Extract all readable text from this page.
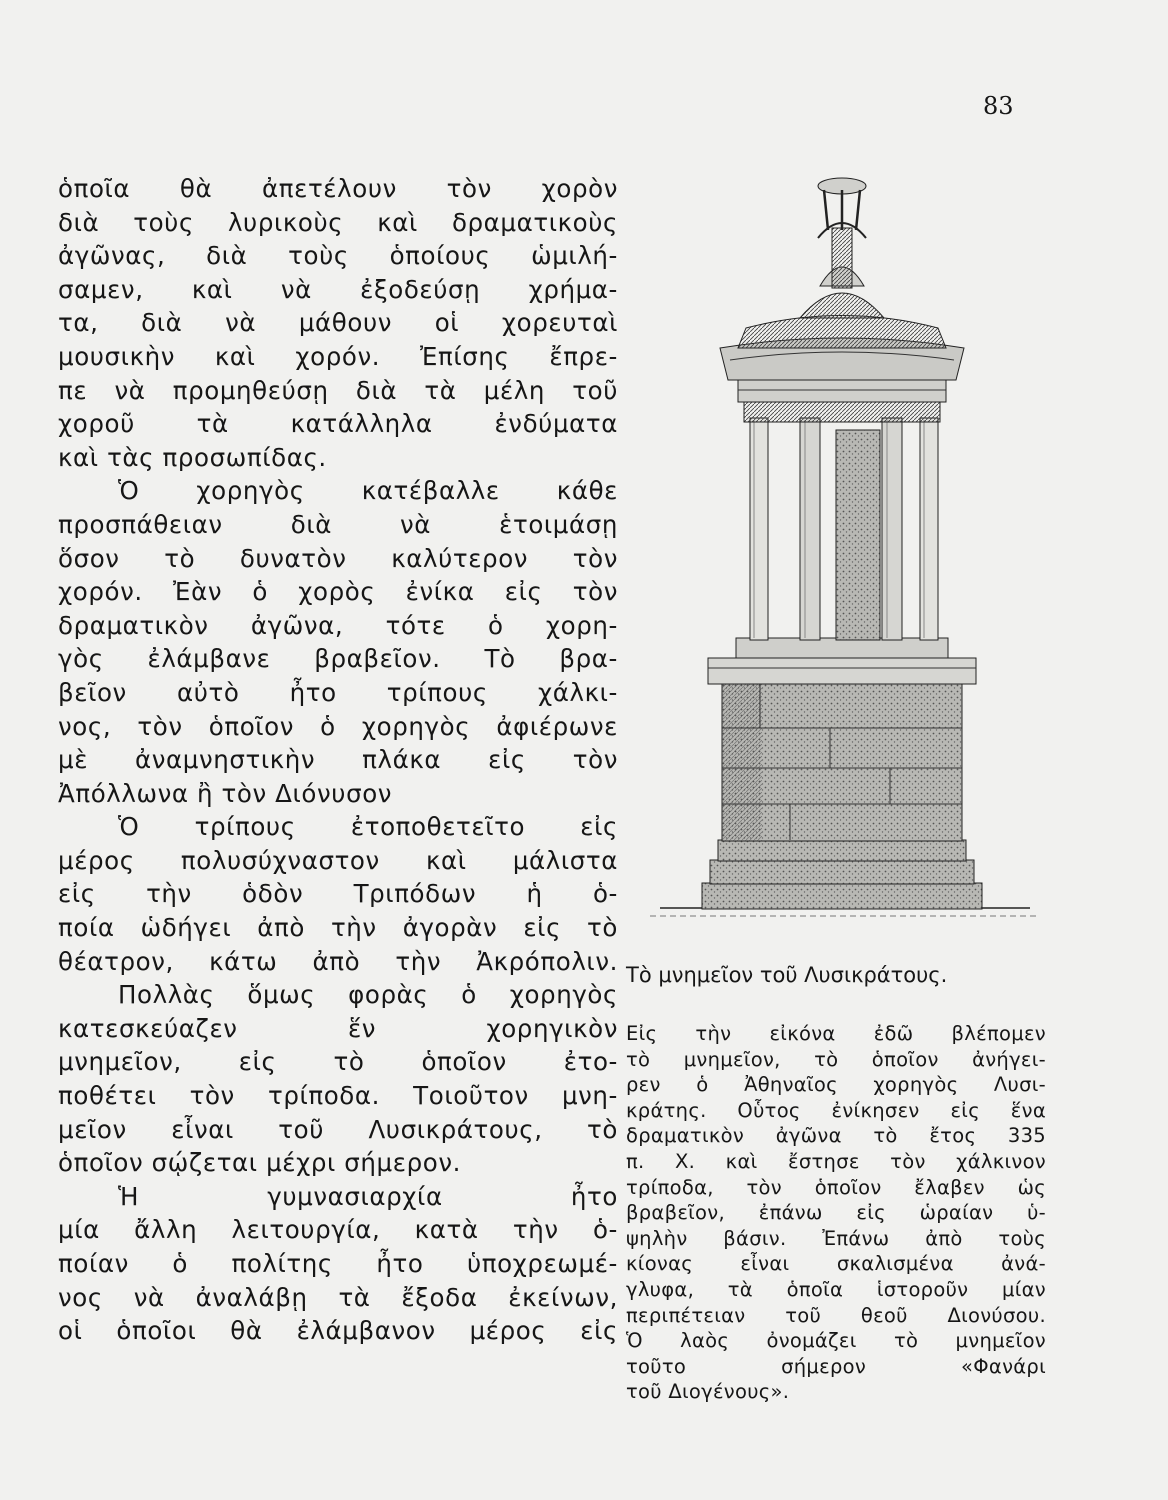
83
ὁποῖα θὰ ἀπετέλουν τὸν χορὸν
διὰ τοὺς λυρικοὺς καὶ δραματικοὺς
ἀγῶνας, διὰ τοὺς ὁποίους ὡμιλή-
σαμεν, καὶ νὰ ἐξοδεύσῃ χρήμα-
τα, διὰ νὰ μάθουν οἱ χορευταὶ
μουσικὴν καὶ χορόν. Ἐπίσης ἔπρε-
πε νὰ προμηθεύσῃ διὰ τὰ μέλη τοῦ
χοροῦ τὰ κατάλληλα ἐνδύματα
καὶ τὰς προσωπίδας.
Ὁ χορηγὸς κατέβαλλε κάθε
προσπάθειαν διὰ νὰ ἑτοιμάσῃ
ὅσον τὸ δυνατὸν καλύτερον τὸν
χορόν. Ἐὰν ὁ χορὸς ἐνίκα εἰς τὸν
δραματικὸν ἀγῶνα, τότε ὁ χορη-
γὸς ἐλάμβανε βραβεῖον. Τὸ βρα-
βεῖον αὐτὸ ἦτο τρίπους χάλκι-
νος, τὸν ὁποῖον ὁ χορηγὸς ἀφιέρωνε
μὲ ἀναμνηστικὴν πλάκα εἰς τὸν
Ἀπόλλωνα ἢ τὸν Διόνυσον
Ὁ τρίπους ἐτοποθετεῖτο εἰς
μέρος πολυσύχναστον καὶ μάλιστα
εἰς τὴν ὁδὸν Τριπόδων ἡ ὁ-
ποία ὡδήγει ἀπὸ τὴν ἀγορὰν εἰς τὸ
θέατρον, κάτω ἀπὸ τὴν Ἀκρόπολιν.
Πολλὰς ὅμως φορὰς ὁ χορηγὸς
κατεσκεύαζεν ἕν χορηγικὸν
μνημεῖον, εἰς τὸ ὁποῖον ἐτο-
ποθέτει τὸν τρίποδα. Τοιοῦτον μνη-
μεῖον εἶναι τοῦ Λυσικράτους, τὸ
ὁποῖον σῴζεται μέχρι σήμερον.
Ἡ γυμνασιαρχία ἦτο
μία ἄλλη λειτουργία, κατὰ τὴν ὁ-
ποίαν ὁ πολίτης ἦτο ὑποχρεωμέ-
νος νὰ ἀναλάβῃ τὰ ἔξοδα ἐκείνων,
οἱ ὁποῖοι θὰ ἐλάμβανον μέρος εἰς
Τὸ μνημεῖον τοῦ Λυσικράτους.
Εἰς τὴν εἰκόνα ἐδῶ βλέπομεν
τὸ μνημεῖον, τὸ ὁποῖον ἀνήγει-
ρεν ὁ Ἀθηναῖος χορηγὸς Λυσι-
κράτης. Οὗτος ἐνίκησεν εἰς ἕνα
δραματικὸν ἀγῶνα τὸ ἔτος 335
π. Χ. καὶ ἔστησε τὸν χάλκινον
τρίποδα, τὸν ὁποῖον ἔλαβεν ὡς
βραβεῖον, ἐπάνω εἰς ὡραίαν ὑ-
ψηλὴν βάσιν. Ἐπάνω ἀπὸ τοὺς
κίονας εἶναι σκαλισμένα ἀνά-
γλυφα, τὰ ὁποῖα ἱστοροῦν μίαν
περιπέτειαν τοῦ θεοῦ Διονύσου.
Ὁ λαὸς ὀνομάζει τὸ μνημεῖον
τοῦτο σήμερον «Φανάρι
τοῦ Διογένους».
